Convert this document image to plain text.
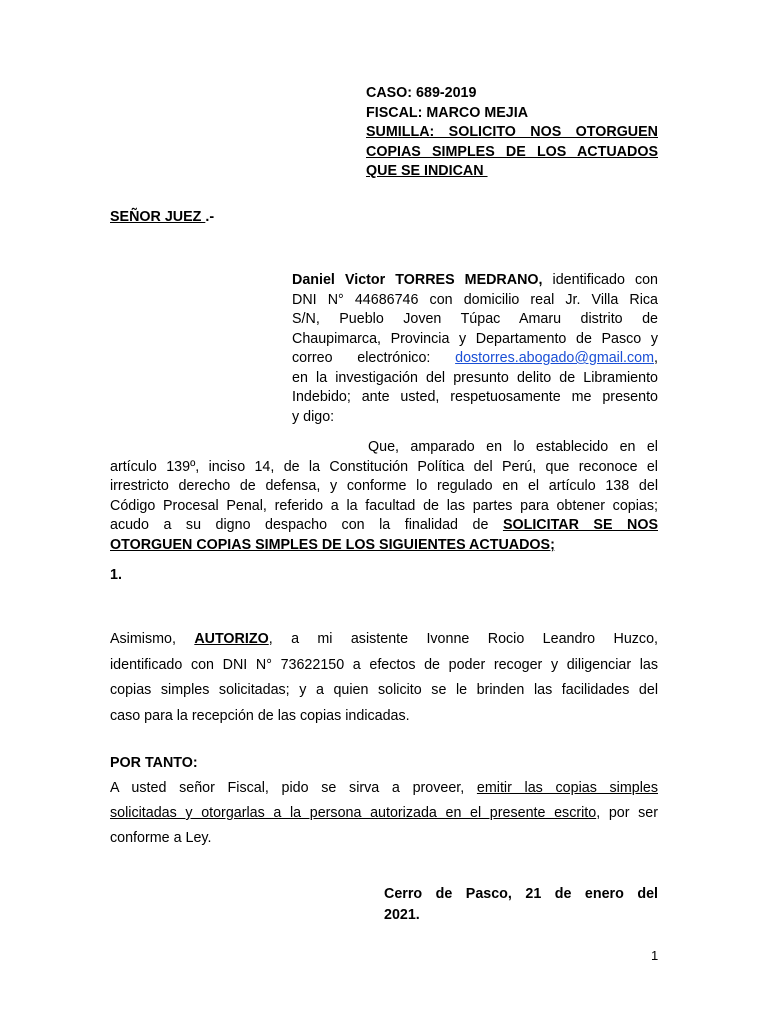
CASO: 689-2019
FISCAL: MARCO MEJIA
SUMILLA: SOLICITO NOS OTORGUEN
COPIAS SIMPLES DE LOS ACTUADOS
QUE SE INDICAN
SEÑOR JUEZ .-
Daniel Victor TORRES MEDRANO, identificado con
DNI N° 44686746 con domicilio real Jr. Villa Rica
S/N, Pueblo Joven Túpac Amaru distrito de
Chaupimarca, Provincia y Departamento de Pasco y
correo electrónico: dostorres.abogado@gmail.com,
en la investigación del presunto delito de Libramiento
Indebido; ante usted, respetuosamente me presento
y digo:
Que, amparado en lo establecido en el
artículo 139º, inciso 14, de la Constitución Política del Perú, que reconoce el
irrestricto derecho de defensa, y conforme lo regulado en el artículo 138 del
Código Procesal Penal, referido a la facultad de las partes para obtener copias;
acudo a su digno despacho con la finalidad de SOLICITAR SE NOS
OTORGUEN COPIAS SIMPLES DE LOS SIGUIENTES ACTUADOS;
1.
Asimismo, AUTORIZO, a mi asistente Ivonne Rocio Leandro Huzco,
identificado con DNI N° 73622150 a efectos de poder recoger y diligenciar las
copias simples solicitadas; y a quien solicito se le brinden las facilidades del
caso para la recepción de las copias indicadas.
POR TANTO:
A usted señor Fiscal, pido se sirva a proveer, emitir las copias simples
solicitadas y otorgarlas a la persona autorizada en el presente escrito, por ser
conforme a Ley.
Cerro de Pasco, 21 de enero del
2021.
1
